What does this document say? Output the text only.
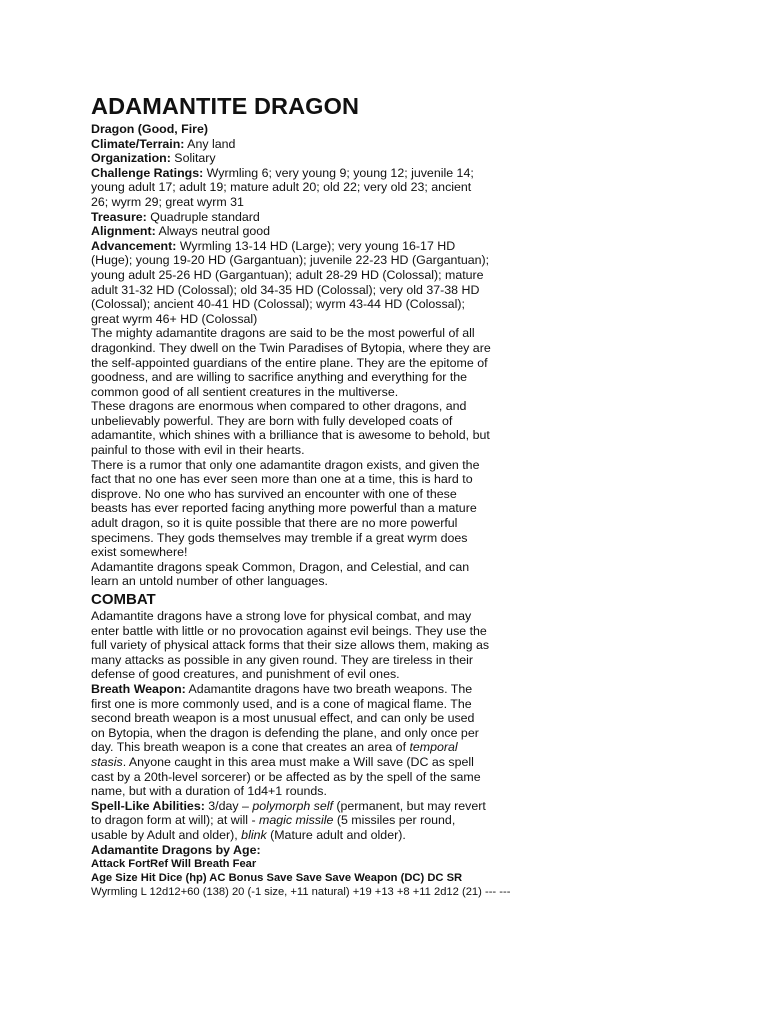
ADAMANTITE DRAGON

Dragon (Good, Fire)

Climate/Terrain: Any land

Organization: Solitary

Challenge Ratings: Wyrmling 6; very young 9; young 12; juvenile 14; young adult 17; adult 19; mature adult 20; old 22; very old 23; ancient 26; wyrm 29; great wyrm 31

Treasure: Quadruple standard

Alignment: Always neutral good

Advancement: Wyrmling 13-14 HD (Large); very young 16-17 HD (Huge); young 19-20 HD (Gargantuan); juvenile 22-23 HD (Gargantuan); young adult 25-26 HD (Gargantuan); adult 28-29 HD (Colossal); mature adult 31-32 HD (Colossal); old 34-35 HD (Colossal); very old 37-38 HD (Colossal); ancient 40-41 HD (Colossal); wyrm 43-44 HD (Colossal); great wyrm 46+ HD (Colossal)

The mighty adamantite dragons are said to be the most powerful of all dragonkind. They dwell on the Twin Paradises of Bytopia, where they are the self-appointed guardians of the entire plane. They are the epitome of goodness, and are willing to sacrifice anything and everything for the common good of all sentient creatures in the multiverse.

These dragons are enormous when compared to other dragons, and unbelievably powerful. They are born with fully developed coats of adamantite, which shines with a brilliance that is awesome to behold, but painful to those with evil in their hearts.

There is a rumor that only one adamantite dragon exists, and given the fact that no one has ever seen more than one at a time, this is hard to disprove. No one who has survived an encounter with one of these beasts has ever reported facing anything more powerful than a mature adult dragon, so it is quite possible that there are no more powerful specimens. They gods themselves may tremble if a great wyrm does exist somewhere!

Adamantite dragons speak Common, Dragon, and Celestial, and can learn an untold number of other languages.

COMBAT

Adamantite dragons have a strong love for physical combat, and may enter battle with little or no provocation against evil beings. They use the full variety of physical attack forms that their size allows them, making as many attacks as possible in any given round. They are tireless in their defense of good creatures, and punishment of evil ones.

Breath Weapon: Adamantite dragons have two breath weapons. The first one is more commonly used, and is a cone of magical flame. The second breath weapon is a most unusual effect, and can only be used on Bytopia, when the dragon is defending the plane, and only once per day. This breath weapon is a cone that creates an area of temporal stasis. Anyone caught in this area must make a Will save (DC as spell cast by a 20th-level sorcerer) or be affected as by the spell of the same name, but with a duration of 1d4+1 rounds.

Spell-Like Abilities: 3/day – polymorph self (permanent, but may revert to dragon form at will); at will - magic missile (5 missiles per round, usable by Adult and older), blink (Mature adult and older).

Adamantite Dragons by Age:

Attack FortRef Will Breath Fear

Age Size Hit Dice (hp) AC Bonus Save Save Save Weapon (DC) DC SR

Wyrmling L 12d12+60 (138) 20 (-1 size, +11 natural) +19 +13 +8 +11 2d12 (21) --- ---
